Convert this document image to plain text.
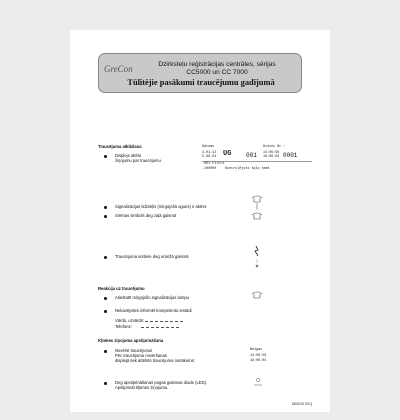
GreCon	Dzirksteļu reģistrācijas centrāles, sērijas
CC5000 un CC 7000
Tūlītējie pasākumi traucējumu gadījumā
Traucējuma atklāšana
Displejs attēlo
ziņojumu par traucējumu
Datums
4-01-12
5.08.04 UG 001
Dzīves Nr.:
14:06:56
18:06:04 0001
.001 Filtrs
-100000	Kontrolējošs šķīs ņemt
Signalizācijas lidzekļis (mirgojošā uguns) ir aktīvs
Sirēnas simbols deg zaļā gaismā
Traucējuma sortiele deg oranžā gaismā
Reakcija uz traucējumu
Atiestatīt mirgojošo signalizācijas lampu
Nekavējoties informēt kompetento iestādi
Vārds, uzvārds:
Telefons:
Kļūmes ziņojuma apstiprināšana
Novērst traucējumu!
Pēc traucējuma novēršanas
displejā tiek attēlots traucējuma nosākums:
Beigas
14:06:59
18:06:04
Deg apstiprināšanas pogas gaismas diode (LED).
Apstiprināt kļūmes ziņojumu.
6D0010 03 Q
